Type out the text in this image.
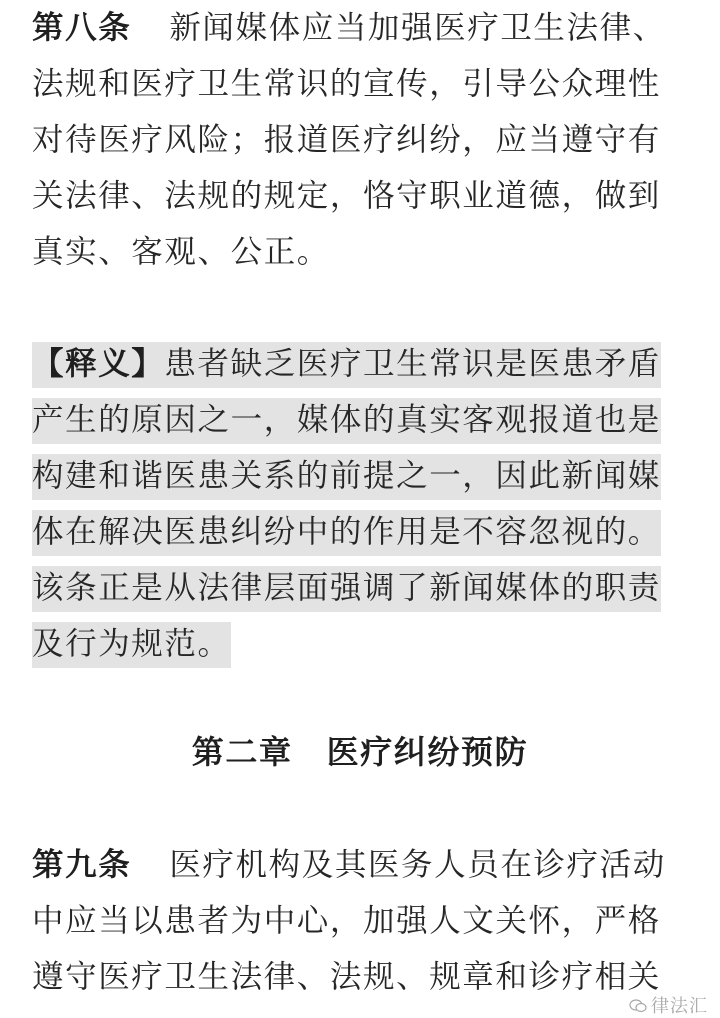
第八条 新闻媒体应当加强医疗卫生法律、
法规和医疗卫生常识的宣传，引导公众理性
对待医疗风险；报道医疗纠纷，应当遵守有
关法律、法规的规定，恪守职业道德，做到
真实、客观、公正。

【释义】患者缺乏医疗卫生常识是医患矛盾
产生的原因之一，媒体的真实客观报道也是
构建和谐医患关系的前提之一，因此新闻媒
体在解决医患纠纷中的作用是不容忽视的。
该条正是从法律层面强调了新闻媒体的职责
及行为规范。

第二章 医疗纠纷预防

第九条 医疗机构及其医务人员在诊疗活动
中应当以患者为中心，加强人文关怀，严格
遵守医疗卫生法律、法规、规章和诊疗相关

律法汇
